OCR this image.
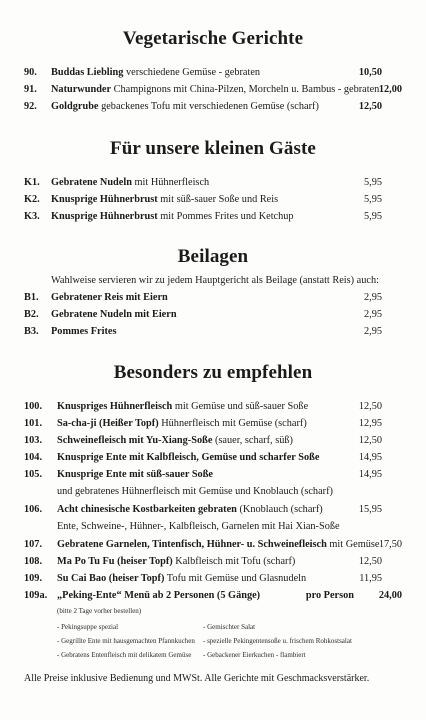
Vegetarische Gerichte
90. Buddas Liebling verschiedene Gemüse - gebraten	10,50
91. Naturwunder Champignons mit China-Pilzen, Morcheln u. Bambus - gebraten 12,00
92. Goldgrube gebackenes Tofu mit verschiedenen Gemüse (scharf)	12,50
Für unsere kleinen Gäste
K1. Gebratene Nudeln mit Hühnerfleisch	5,95
K2. Knusprige Hühnerbrust mit süß-sauer Soße und Reis	5,95
K3. Knusprige Hühnerbrust mit Pommes Frites und Ketchup	5,95
Beilagen
Wahlweise servieren wir zu jedem Hauptgericht als Beilage (anstatt Reis) auch:
B1. Gebratener Reis mit Eiern	2,95
B2. Gebratene Nudeln mit Eiern	2,95
B3. Pommes Frites	2,95
Besonders zu empfehlen
100. Knuspriges Hühnerfleisch mit Gemüse und süß-sauer Soße	12,50
101. Sa-cha-ji (Heißer Topf) Hühnerfleisch mit Gemüse (scharf)	12,95
103. Schweinefleisch mit Yu-Xiang-Soße (sauer, scharf, süß)	12,50
104. Knusprige Ente mit Kalbfleisch, Gemüse und scharfer Soße	14,95
105. Knusprige Ente mit süß-sauer Soße	14,95
und gebratenes Hühnerfleisch mit Gemüse und Knoblauch (scharf)
106. Acht chinesische Kostbarkeiten gebraten (Knoblauch (scharf)	15,95
Ente, Schweine-, Hühner-, Kalbfleisch, Garnelen mit Hai Xian-Soße
107. Gebratene Garnelen, Tintenfisch, Hühner- u. Schweinefleisch mit Gemüse 17,50
108. Ma Po Tu Fu (heiser Topf) Kalbfleisch mit Tofu (scharf)	12,50
109. Su Cai Bao (heiser Topf) Tofu mit Gemüse und Glasnudeln	11,95
109a. „Peking-Ente“ Menü ab 2 Personen (5 Gänge)	pro Person 24,00
(bitte 2 Tage vorher bestellen)
- Pekingsuppe spezial	- Gemischter Salat
- Gegrillte Ente mit hausgemachten Pfannkuchen - spezielle Pekingentensoße u. frischem Rohkostsalat
- Gebratens Entenfleisch mit delikatem Gemüse - Gebackener Eierkuchen - flambiert
Alle Preise inklusive Bedienung und MWSt. Alle Gerichte mit Geschmacksverstärker.
